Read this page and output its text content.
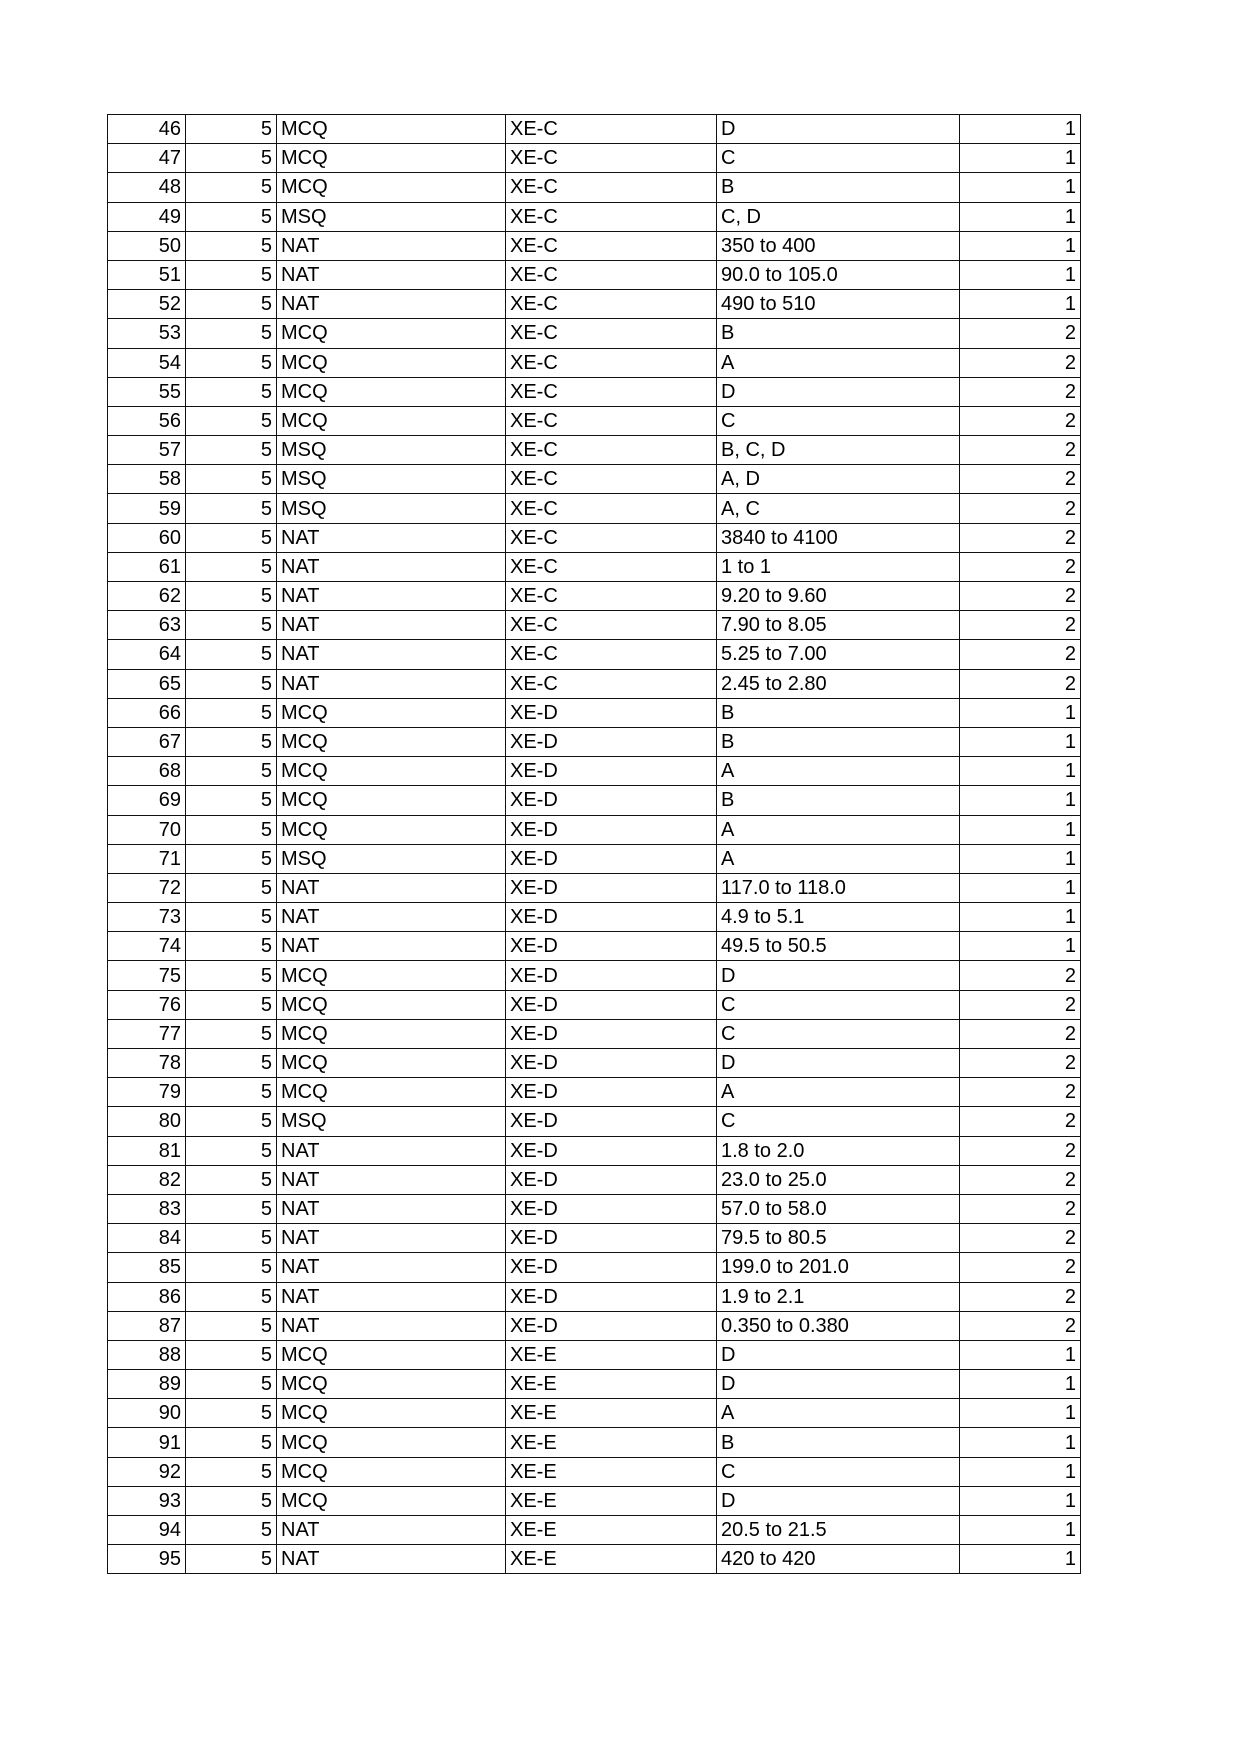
46	5	MCQ	XE-C	D	1
47	5	MCQ	XE-C	C	1
48	5	MCQ	XE-C	B	1
49	5	MSQ	XE-C	C, D	1
50	5	NAT	XE-C	350 to 400	1
51	5	NAT	XE-C	90.0 to 105.0	1
52	5	NAT	XE-C	490 to 510	1
53	5	MCQ	XE-C	B	2
54	5	MCQ	XE-C	A	2
55	5	MCQ	XE-C	D	2
56	5	MCQ	XE-C	C	2
57	5	MSQ	XE-C	B, C, D	2
58	5	MSQ	XE-C	A, D	2
59	5	MSQ	XE-C	A, C	2
60	5	NAT	XE-C	3840 to 4100	2
61	5	NAT	XE-C	1 to 1	2
62	5	NAT	XE-C	9.20 to 9.60	2
63	5	NAT	XE-C	7.90 to 8.05	2
64	5	NAT	XE-C	5.25 to 7.00	2
65	5	NAT	XE-C	2.45 to 2.80	2
66	5	MCQ	XE-D	B	1
67	5	MCQ	XE-D	B	1
68	5	MCQ	XE-D	A	1
69	5	MCQ	XE-D	B	1
70	5	MCQ	XE-D	A	1
71	5	MSQ	XE-D	A	1
72	5	NAT	XE-D	117.0 to 118.0	1
73	5	NAT	XE-D	4.9 to 5.1	1
74	5	NAT	XE-D	49.5 to 50.5	1
75	5	MCQ	XE-D	D	2
76	5	MCQ	XE-D	C	2
77	5	MCQ	XE-D	C	2
78	5	MCQ	XE-D	D	2
79	5	MCQ	XE-D	A	2
80	5	MSQ	XE-D	C	2
81	5	NAT	XE-D	1.8 to 2.0	2
82	5	NAT	XE-D	23.0 to 25.0	2
83	5	NAT	XE-D	57.0 to 58.0	2
84	5	NAT	XE-D	79.5 to 80.5	2
85	5	NAT	XE-D	199.0 to 201.0	2
86	5	NAT	XE-D	1.9 to 2.1	2
87	5	NAT	XE-D	0.350 to 0.380	2
88	5	MCQ	XE-E	D	1
89	5	MCQ	XE-E	D	1
90	5	MCQ	XE-E	A	1
91	5	MCQ	XE-E	B	1
92	5	MCQ	XE-E	C	1
93	5	MCQ	XE-E	D	1
94	5	NAT	XE-E	20.5 to 21.5	1
95	5	NAT	XE-E	420 to 420	1
